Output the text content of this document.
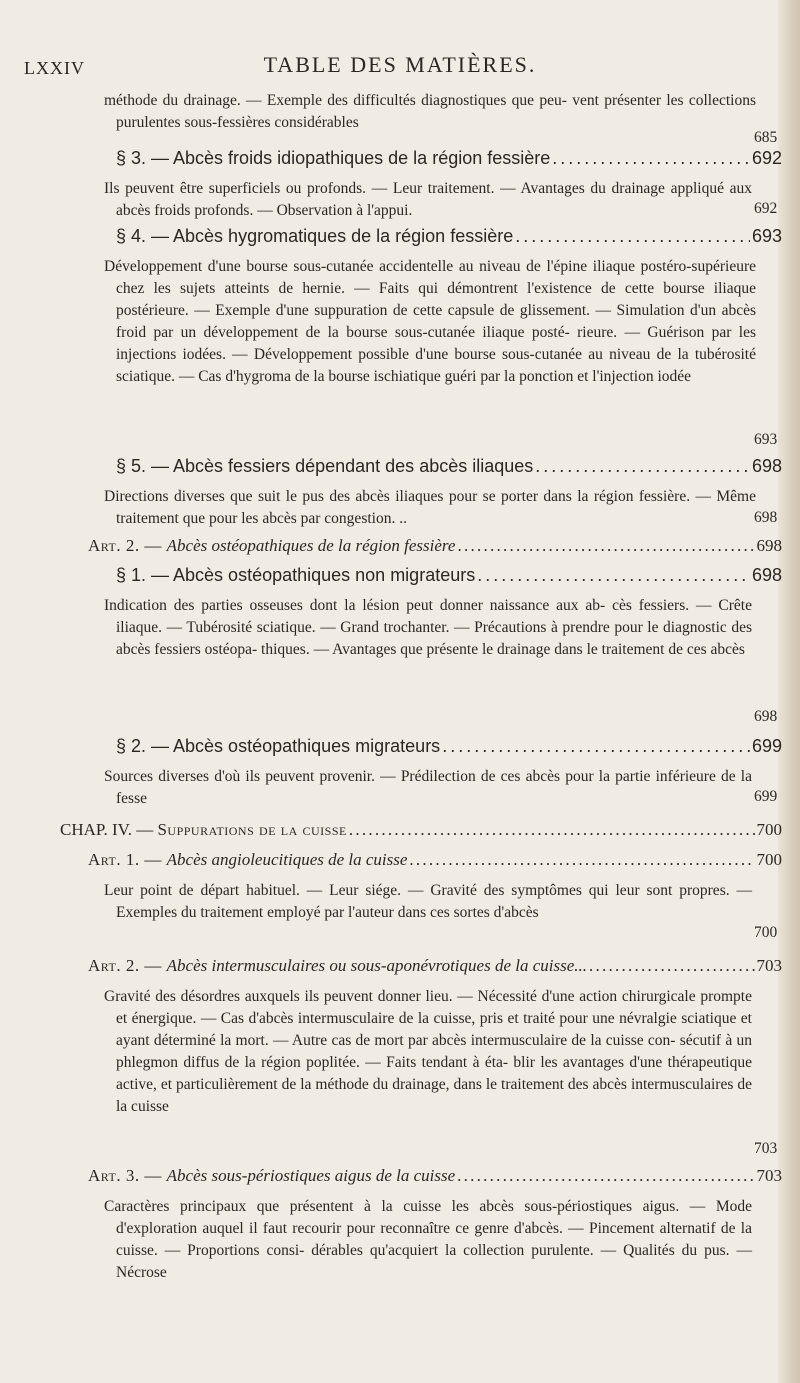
LXXIV	TABLE DES MATIÈRES.
méthode du drainage. — Exemple des difficultés diagnostiques que peu- vent présenter les collections purulentes sous-fessières considérables
685
§ 3. — Abcès froids idiopathiques de la région fessière . . .	692
Ils peuvent être superficiels ou profonds. — Leur traitement. — Avantages du drainage appliqué aux abcès froids profonds. — Observation à l'appui.	692
§ 4. — Abcès hygromatiques de la région fessière . . .	693
Développement d'une bourse sous-cutanée accidentelle au niveau de l'épine iliaque postéro-supérieure chez les sujets atteints de hernie. — Faits qui démontrent l'existence de cette bourse iliaque postérieure. — Exemple d'une suppuration de cette capsule de glissement. — Simulation d'un abcès froid par un développement de la bourse sous-cutanée iliaque posté- rieure. — Guérison par les injections iodées. — Développement possible d'une bourse sous-cutanée au niveau de la tubérosité sciatique. — Cas d'hygroma de la bourse ischiatique guéri par la ponction et l'injection iodée
693
§ 5. — Abcès fessiers dépendant des abcès iliaques . . .	698
Directions diverses que suit le pus des abcès iliaques pour se porter dans la région fessière. — Même traitement que pour les abcès par congestion. ..	698
Art. 2. — Abcès ostéopathiques de la région fessière . . .	698
§ 1. — Abcès ostéopathiques non migrateurs . . .	698
Indication des parties osseuses dont la lésion peut donner naissance aux ab- cès fessiers. — Crête iliaque. — Tubérosité sciatique. — Grand trochanter. — Précautions à prendre pour le diagnostic des abcès fessiers ostéopa- thiques. — Avantages que présente le drainage dans le traitement de ces abcès
698
§ 2. — Abcès ostéopathiques migrateurs . . .	699
Sources diverses d'où ils peuvent provenir. — Prédilection de ces abcès pour la partie inférieure de la fesse	699
CHAP. IV. — Suppurations de la cuisse . . .	700
Art. 1. — Abcès angioleucitiques de la cuisse . . .	700
Leur point de départ habituel. — Leur siége. — Gravité des symptômes qui leur sont propres. — Exemples du traitement employé par l'auteur dans ces sortes d'abcès
700
Art. 2. — Abcès intermusculaires ou sous-aponévrotiques de la cuisse... . . .	703
Gravité des désordres auxquels ils peuvent donner lieu. — Nécessité d'une action chirurgicale prompte et énergique. — Cas d'abcès intermusculaire de la cuisse, pris et traité pour une névralgie sciatique et ayant déterminé la mort. — Autre cas de mort par abcès intermusculaire de la cuisse con- sécutif à un phlegmon diffus de la région poplitée. — Faits tendant à éta- blir les avantages d'une thérapeutique active, et particulièrement de la méthode du drainage, dans le traitement des abcès intermusculaires de la cuisse
703
Art. 3. — Abcès sous-périostiques aigus de la cuisse . . .	703
Caractères principaux que présentent à la cuisse les abcès sous-périostiques aigus. — Mode d'exploration auquel il faut recourir pour reconnaître ce genre d'abcès. — Pincement alternatif de la cuisse. — Proportions consi- dérables qu'acquiert la collection purulente. — Qualités du pus. — Nécrose
